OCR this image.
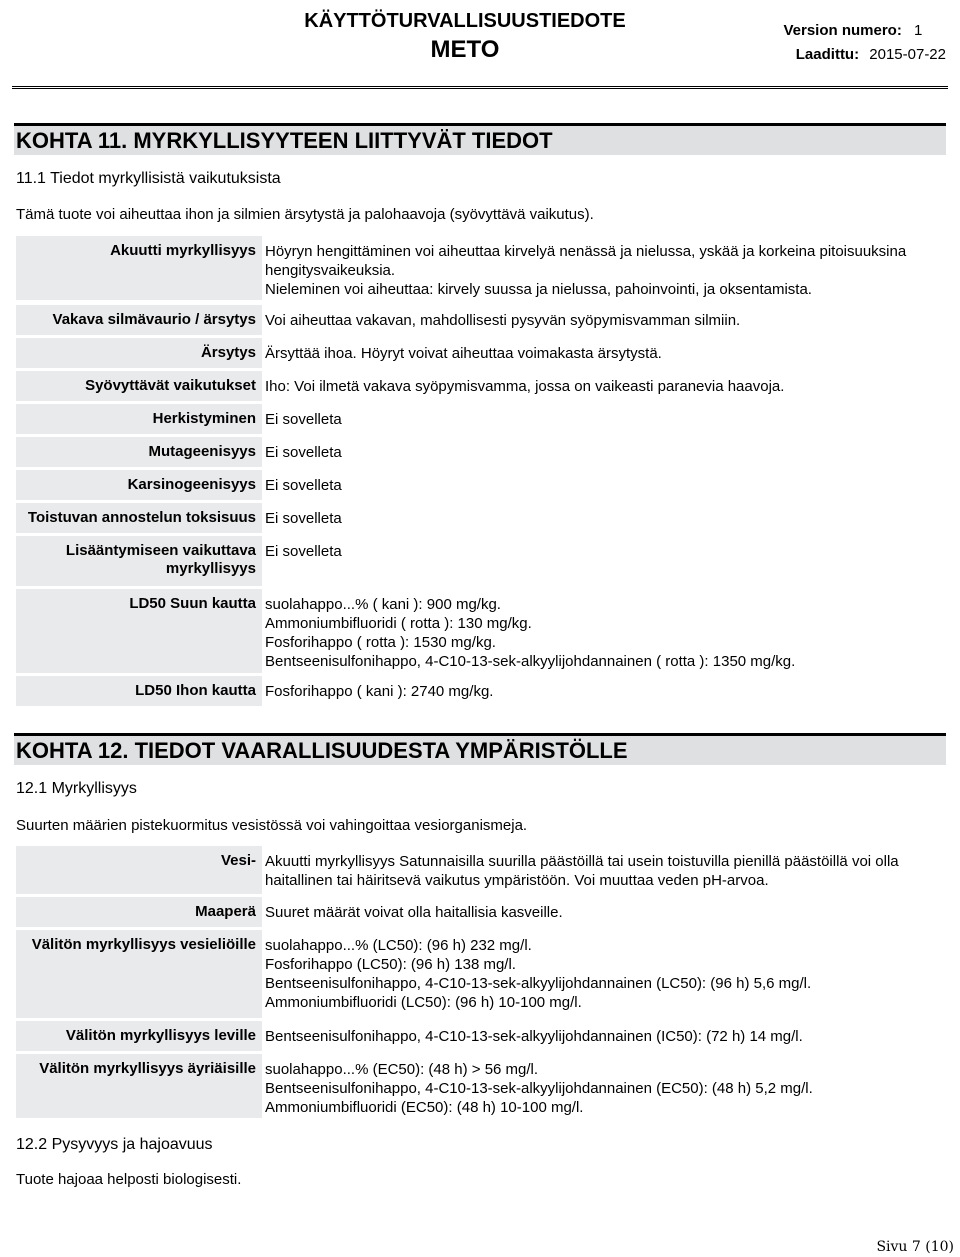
KÄYTTÖTURVALLISUUSTIEDOTE
METO
Version numero: 1
Laadittu: 2015-07-22
KOHTA 11. MYRKYLLISYYTEEN LIITTYVÄT TIEDOT
11.1 Tiedot myrkyllisistä vaikutuksista
Tämä tuote voi aiheuttaa ihon ja silmien ärsytystä ja palohaavoja (syövyttävä vaikutus).
Akuutti myrkyllisyys Höyryn hengittäminen voi aiheuttaa kirvelyä nenässä ja nielussa, yskää ja korkeina pitoisuuksina
hengitysvaikeuksia.
Nieleminen voi aiheuttaa: kirvely suussa ja nielussa, pahoinvointi, ja oksentamista.
Vakava silmävaurio / ärsytys Voi aiheuttaa vakavan, mahdollisesti pysyvän syöpymisvamman silmiin.
Ärsytys Ärsyttää ihoa. Höyryt voivat aiheuttaa voimakasta ärsytystä.
Syövyttävät vaikutukset Iho: Voi ilmetä vakava syöpymisvamma, jossa on vaikeasti paranevia haavoja.
Herkistyminen Ei sovelleta
Mutageenisyys Ei sovelleta
Karsinogeenisyys Ei sovelleta
Toistuvan annostelun toksisuus Ei sovelleta
Lisääntymiseen vaikuttava myrkyllisyys
Ei sovelleta
LD50 Suun kautta suolahappo...% ( kani ): 900 mg/kg.
Ammoniumbifluoridi ( rotta ): 130 mg/kg.
Fosforihappo ( rotta ): 1530 mg/kg.
Bentseenisulfonihappo, 4-C10-13-sek-alkyylijohdannainen ( rotta ): 1350 mg/kg.
LD50 Ihon kautta Fosforihappo ( kani ): 2740 mg/kg.
KOHTA 12. TIEDOT VAARALLISUUDESTA YMPÄRISTÖLLE
12.1 Myrkyllisyys
Suurten määrien pistekuormitus vesistössä voi vahingoittaa vesiorganismeja.
Vesi- Akuutti myrkyllisyys Satunnaisilla suurilla päästöillä tai usein toistuvilla pienillä päästöillä voi olla
haitallinen tai häiritsevä vaikutus ympäristöön. Voi muuttaa veden pH-arvoa.
Maaperä Suuret määrät voivat olla haitallisia kasveille.
Välitön myrkyllisyys vesieliöille suolahappo...% (LC50): (96 h) 232 mg/l.
Fosforihappo (LC50): (96 h) 138 mg/l.
Bentseenisulfonihappo, 4-C10-13-sek-alkyylijohdannainen (LC50): (96 h) 5,6 mg/l.
Ammoniumbifluoridi (LC50): (96 h) 10-100 mg/l.
Välitön myrkyllisyys leville Bentseenisulfonihappo, 4-C10-13-sek-alkyylijohdannainen (IC50): (72 h) 14 mg/l.
Välitön myrkyllisyys äyriäisille suolahappo...% (EC50): (48 h) > 56 mg/l.
Bentseenisulfonihappo, 4-C10-13-sek-alkyylijohdannainen (EC50): (48 h) 5,2 mg/l.
Ammoniumbifluoridi (EC50): (48 h) 10-100 mg/l.
12.2 Pysyvyys ja hajoavuus
Tuote hajoaa helposti biologisesti.
Sivu 7 (10)
